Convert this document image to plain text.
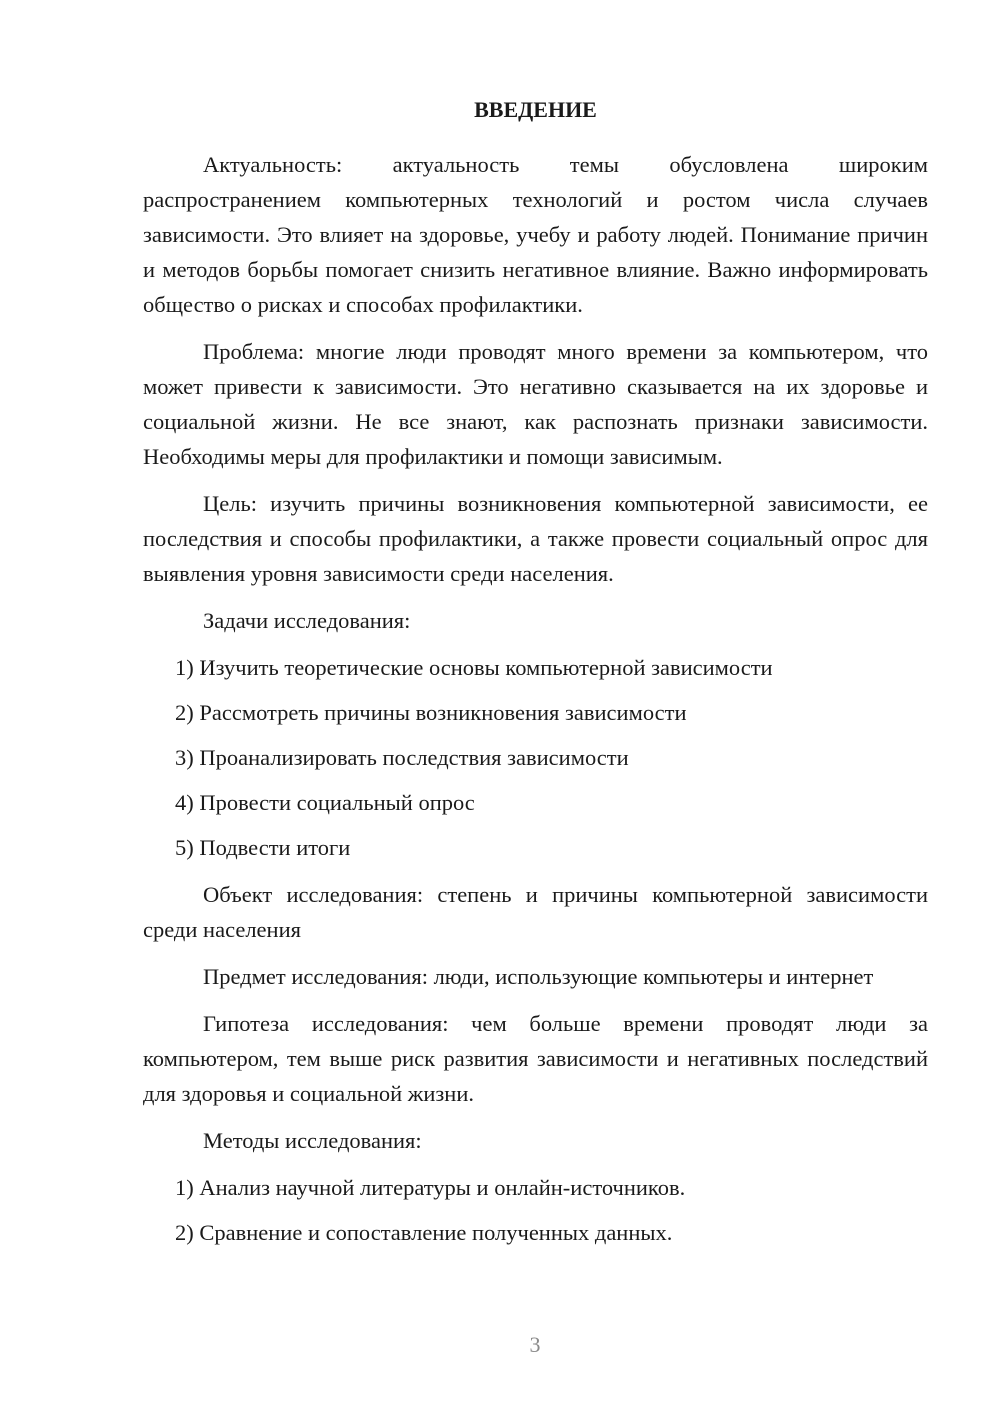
ВВЕДЕНИЕ

Актуальность: актуальность темы обусловлена широким распространением компьютерных технологий и ростом числа случаев зависимости. Это влияет на здоровье, учебу и работу людей. Понимание причин и методов борьбы помогает снизить негативное влияние. Важно информировать общество о рисках и способах профилактики.

Проблема: многие люди проводят много времени за компьютером, что может привести к зависимости. Это негативно сказывается на их здоровье и социальной жизни. Не все знают, как распознать признаки зависимости. Необходимы меры для профилактики и помощи зависимым.

Цель: изучить причины возникновения компьютерной зависимости, ее последствия и способы профилактики, а также провести социальный опрос для выявления уровня зависимости среди населения.

Задачи исследования:

1) Изучить теоретические основы компьютерной зависимости
2) Рассмотреть причины возникновения зависимости
3) Проанализировать последствия зависимости
4) Провести социальный опрос
5) Подвести итоги

Объект исследования: степень и причины компьютерной зависимости среди населения

Предмет исследования: люди, использующие компьютеры и интернет

Гипотеза исследования: чем больше времени проводят люди за компьютером, тем выше риск развития зависимости и негативных последствий для здоровья и социальной жизни.

Методы исследования:

1) Анализ научной литературы и онлайн-источников.
2) Сравнение и сопоставление полученных данных.
3
